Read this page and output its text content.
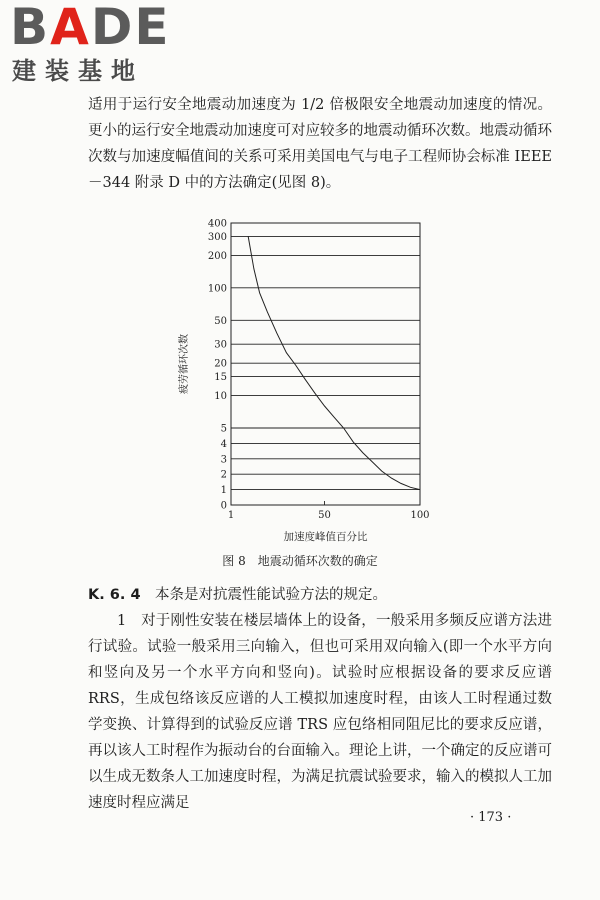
BADE
建装基地

适用于运行安全地震动加速度为 1/2 倍极限安全地震动加速度的情况。更小的运行安全地震动加速度可对应较多的地震动循环次数。地震动循环次数与加速度幅值间的关系可采用美国电气与电子工程师协会标准 IEEE－344 附录 D 中的方法确定(见图 8)。

0
1
2
3
4
5
10
15
20
30
50
100
200
300
400
1	50	100
疲劳循环次数
加速度峰值百分比
图 8　地震动循环次数的确定

K. 6. 4　 本条是对抗震性能试验方法的规定。

1　对于刚性安装在楼层墙体上的设备，一般采用多频反应谱方法进行试验。试验一般采用三向输入，但也可采用双向输入(即一个水平方向和竖向及另一个水平方向和竖向)。试验时应根据设备的要求反应谱 RRS，生成包络该反应谱的人工模拟加速度时程，由该人工时程通过数学变换、计算得到的试验反应谱 TRS 应包络相同阻尼比的要求反应谱，再以该人工时程作为振动台的台面输入。理论上讲，一个确定的反应谱可以生成无数条人工加速度时程，为满足抗震试验要求，输入的模拟人工加速度时程应满足

· 173 ·
